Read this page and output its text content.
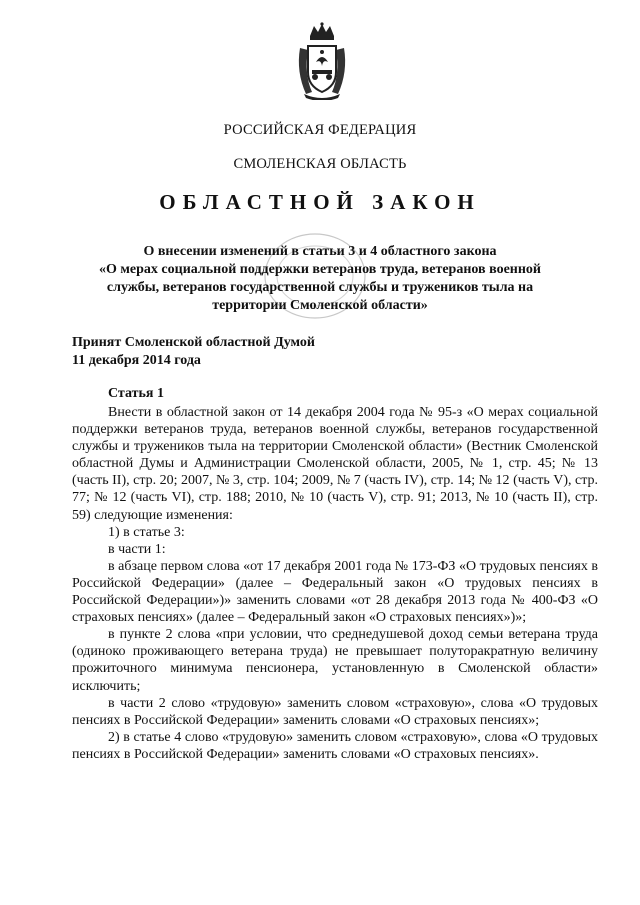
РОССИЙСКАЯ ФЕДЕРАЦИЯ
СМОЛЕНСКАЯ ОБЛАСТЬ
ОБЛАСТНОЙ ЗАКОН
О внесении изменений в статьи 3 и 4 областного закона
«О мерах социальной поддержки ветеранов труда, ветеранов военной
службы, ветеранов государственной службы и тружеников тыла на
территории Смоленской области»
Принят Смоленской областной Думой
11 декабря 2014 года
Статья 1

Внести в областной закон от 14 декабря 2004 года № 95-з «О мерах социальной поддержки ветеранов труда, ветеранов военной службы, ветеранов государственной службы и тружеников тыла на территории Смоленской области» (Вестник Смоленской областной Думы и Администрации Смоленской области, 2005, № 1, стр. 45; № 13 (часть II), стр. 20; 2007, № 3, стр. 104; 2009, № 7 (часть IV), стр. 14; № 12 (часть V), стр. 77; № 12 (часть VI), стр. 188; 2010, № 10 (часть V), стр. 91; 2013, № 10 (часть II), стр. 59) следующие изменения:

1) в статье 3:

в части 1:

в абзаце первом слова «от 17 декабря 2001 года № 173-ФЗ «О трудовых пенсиях в Российской Федерации» (далее – Федеральный закон «О трудовых пенсиях в Российской Федерации»)» заменить словами «от 28 декабря 2013 года № 400-ФЗ «О страховых пенсиях» (далее – Федеральный закон «О страховых пенсиях»)»;

в пункте 2 слова «при условии, что среднедушевой доход семьи ветерана труда (одиноко проживающего ветерана труда) не превышает полуторакратную величину прожиточного минимума пенсионера, установленную в Смоленской области» исключить;

в части 2 слово «трудовую» заменить словом «страховую», слова «О трудовых пенсиях в Российской Федерации» заменить словами «О страховых пенсиях»;

2) в статье 4 слово «трудовую» заменить словом «страховую», слова «О трудовых пенсиях в Российской Федерации» заменить словами «О страховых пенсиях».
